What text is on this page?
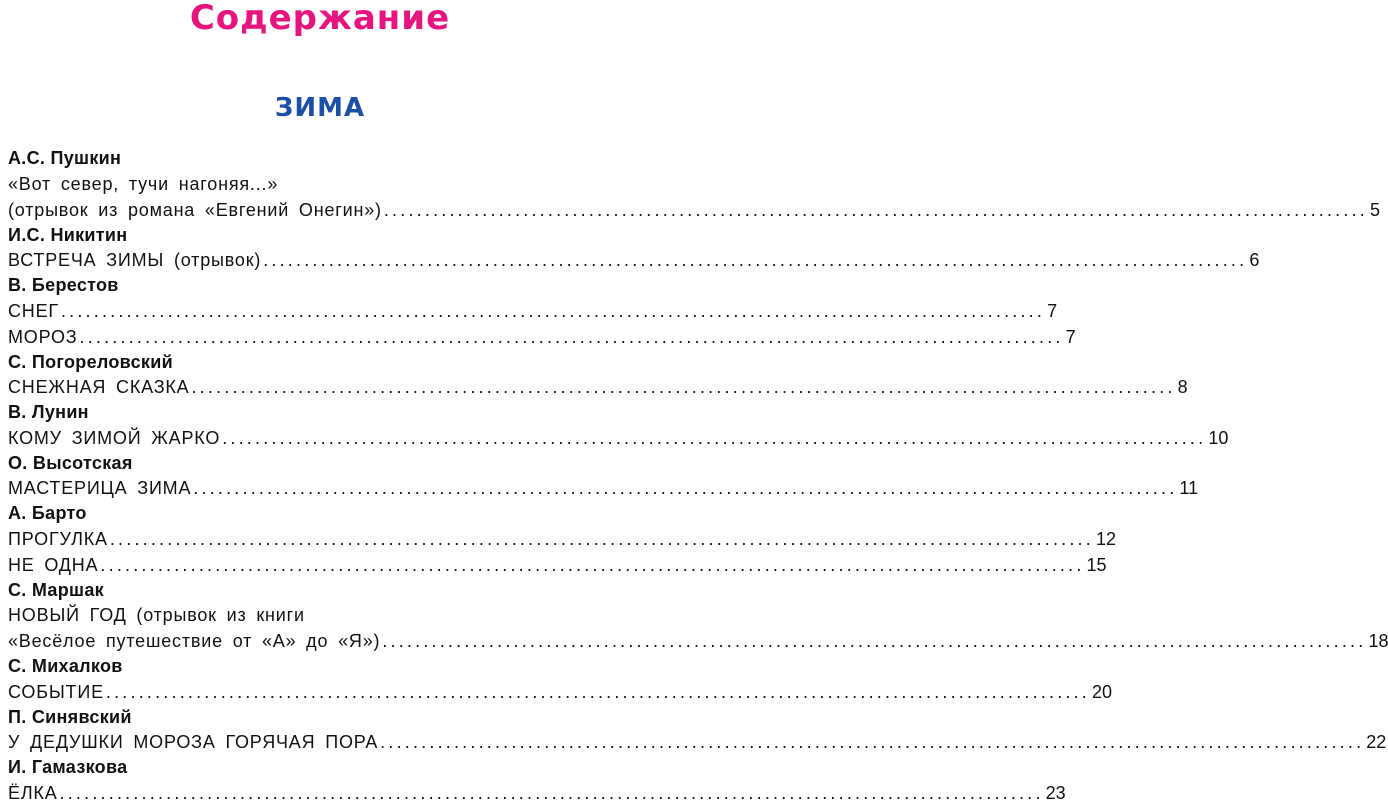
Содержание
ЗИМА
А.С. Пушкин
«Вот север, тучи нагоняя...»
(отрывок из романа «Евгений Онегин») ........................................................................................................................ 5
И.С. Никитин
ВСТРЕЧА ЗИМЫ (отрывок) ........................................................................................................................ 6
В. Берестов
СНЕГ ........................................................................................................................ 7
МОРОЗ ........................................................................................................................ 7
С. Погореловский
СНЕЖНАЯ СКАЗКА ........................................................................................................................ 8
В. Лунин
КОМУ ЗИМОЙ ЖАРКО ........................................................................................................................ 10
О. Высотская
МАСТЕРИЦА ЗИМА ........................................................................................................................ 11
А. Барто
ПРОГУЛКА ........................................................................................................................ 12
НЕ ОДНА ........................................................................................................................ 15
С. Маршак
НОВЫЙ ГОД (отрывок из книги
«Весёлое путешествие от «А» до «Я») ........................................................................................................................ 18
С. Михалков
СОБЫТИЕ ........................................................................................................................ 20
П. Синявский
У ДЕДУШКИ МОРОЗА ГОРЯЧАЯ ПОРА ........................................................................................................................ 22
И. Гамазкова
ЁЛКА ........................................................................................................................ 23
